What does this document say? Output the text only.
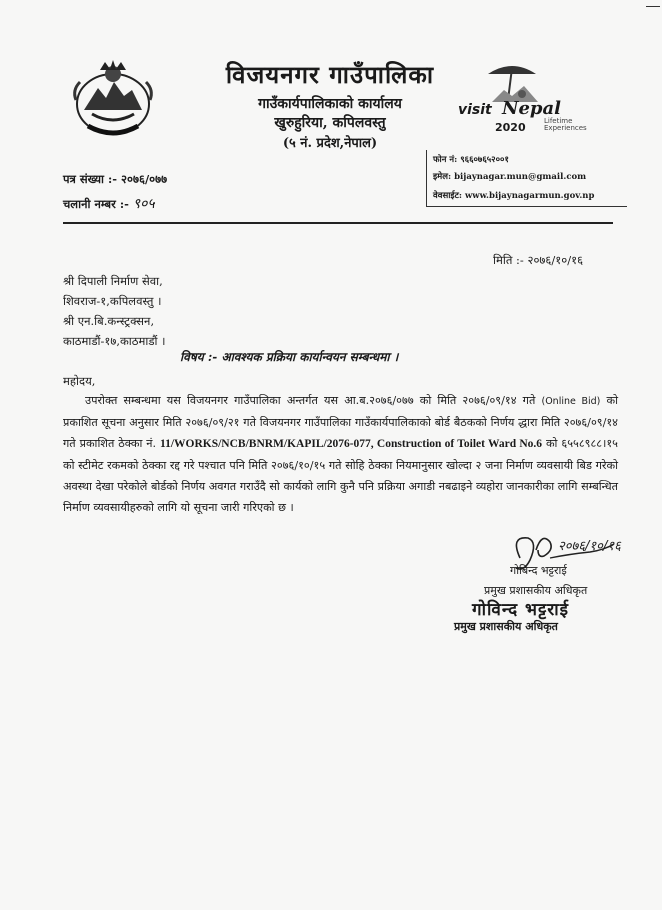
विजयनगर गाउँपालिका
गाउँकार्यपालिकाको कार्यालय
खुरुहुरिया, कपिलवस्तु
(५ नं. प्रदेश,नेपाल)
visit Nepal
2020	Lifetime
Experiences
पत्र संख्या :- २०७६/०७७
चलानी नम्बर :- ९०५
फोन नं: ९६६०७६५२००१
इमेल: bijaynagar.mun@gmail.com
वेवसाईट: www.bijaynagarmun.gov.np
मिति :- २०७६/१०/१६
श्री दिपाली निर्माण सेवा,
शिवराज-१,कपिलवस्तु ।
श्री एन.बि.कन्स्ट्रक्सन,
काठमाडौं-१७,काठमाडौं ।
विषय :- आवश्यक प्रक्रिया कार्यान्वयन सम्बन्धमा ।
महोदय,
उपरोक्त सम्बन्धमा यस विजयनगर गाउँपालिका अन्तर्गत यस आ.ब.२०७६/०७७ को मिति २०७६/०९/१४ गते (Online Bid) को प्रकाशित सूचना अनुसार मिति २०७६/०९/२१ गते विजयनगर गाउँपालिका गाउँकार्यपालिकाको बोर्ड बैठकको निर्णय द्धारा मिति २०७६/०९/१४ गते प्रकाशित ठेक्का नं. 11/WORKS/NCB/BNRM/KAPIL/2076-077, Construction of Toilet Ward No.6 को ६५५८९८८।१५ को स्टीमेट रकमको ठेक्का रद्द गरे पश्चात पनि मिति २०७६/१०/१५ गते सोहि ठेक्का नियमानुसार खोल्दा २ जना निर्माण व्यवसायी बिड गरेको अवस्था देखा परेकोले बोर्डको निर्णय अवगत गराउँदै सो कार्यको लागि कुनै पनि प्रक्रिया अगाडी नबढाइने व्यहोरा जानकारीका लागि सम्बन्धित निर्माण व्यवसायीहरुको लागि यो सूचना जारी गरिएको छ ।
२०७६/१०/१६
गोबिन्द भट्टराई
प्रमुख प्रशासकीय अधिकृत
गोविन्द भट्टराई
प्रमुख प्रशासकीय अधिकृत
